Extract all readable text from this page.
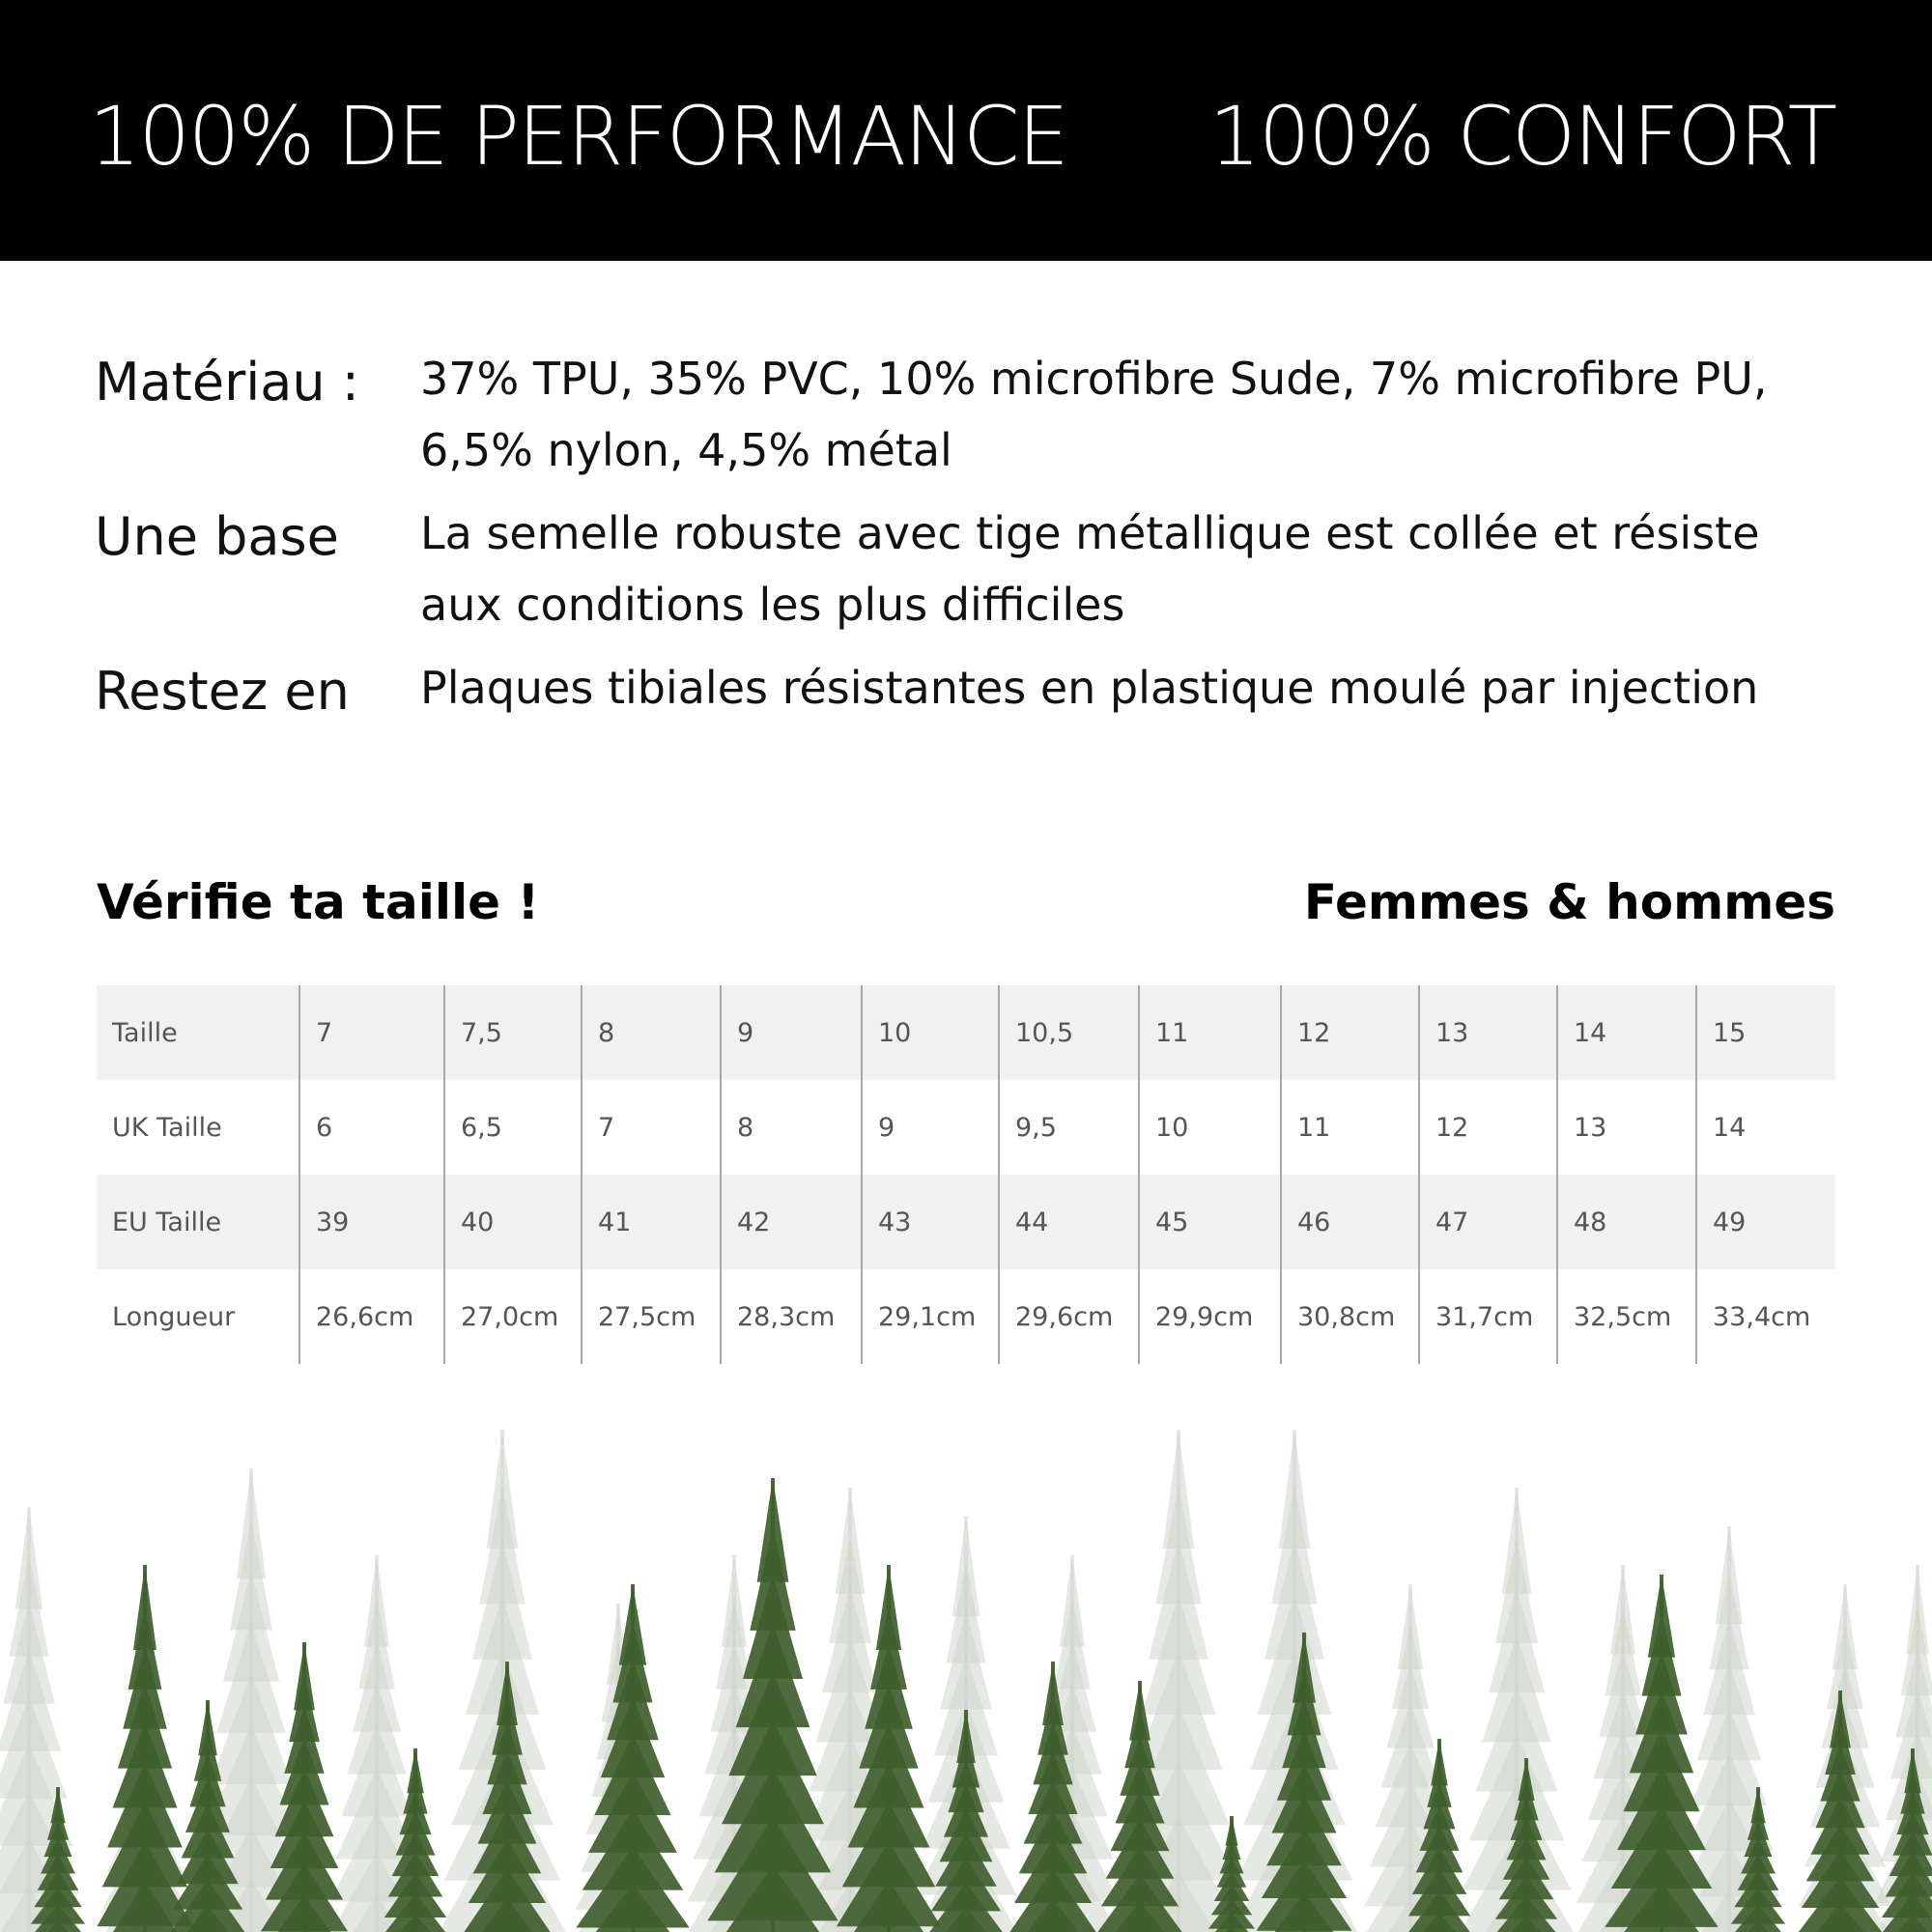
100% DE PERFORMANCE 100% CONFORT
Matériau :	37% TPU, 35% PVC, 10% microfibre Sude, 7% microfibre PU, 6,5% nylon, 4,5% métal
Une base	La semelle robuste avec tige métallique est collée et résiste aux conditions les plus difficiles
Restez en	Plaques tibiales résistantes en plastique moulé par injection
Vérifie ta taille !	Femmes & hommes
Taille	7	7,5	8	9	10	10,5	11	12	13	14	15
UK Taille	6	6,5	7	8	9	9,5	10	11	12	13	14
EU Taille	39	40	41	42	43	44	45	46	47	48	49
Longueur	26,6cm	27,0cm	27,5cm	28,3cm	29,1cm	29,6cm	29,9cm	30,8cm	31,7cm	32,5cm	33,4cm
